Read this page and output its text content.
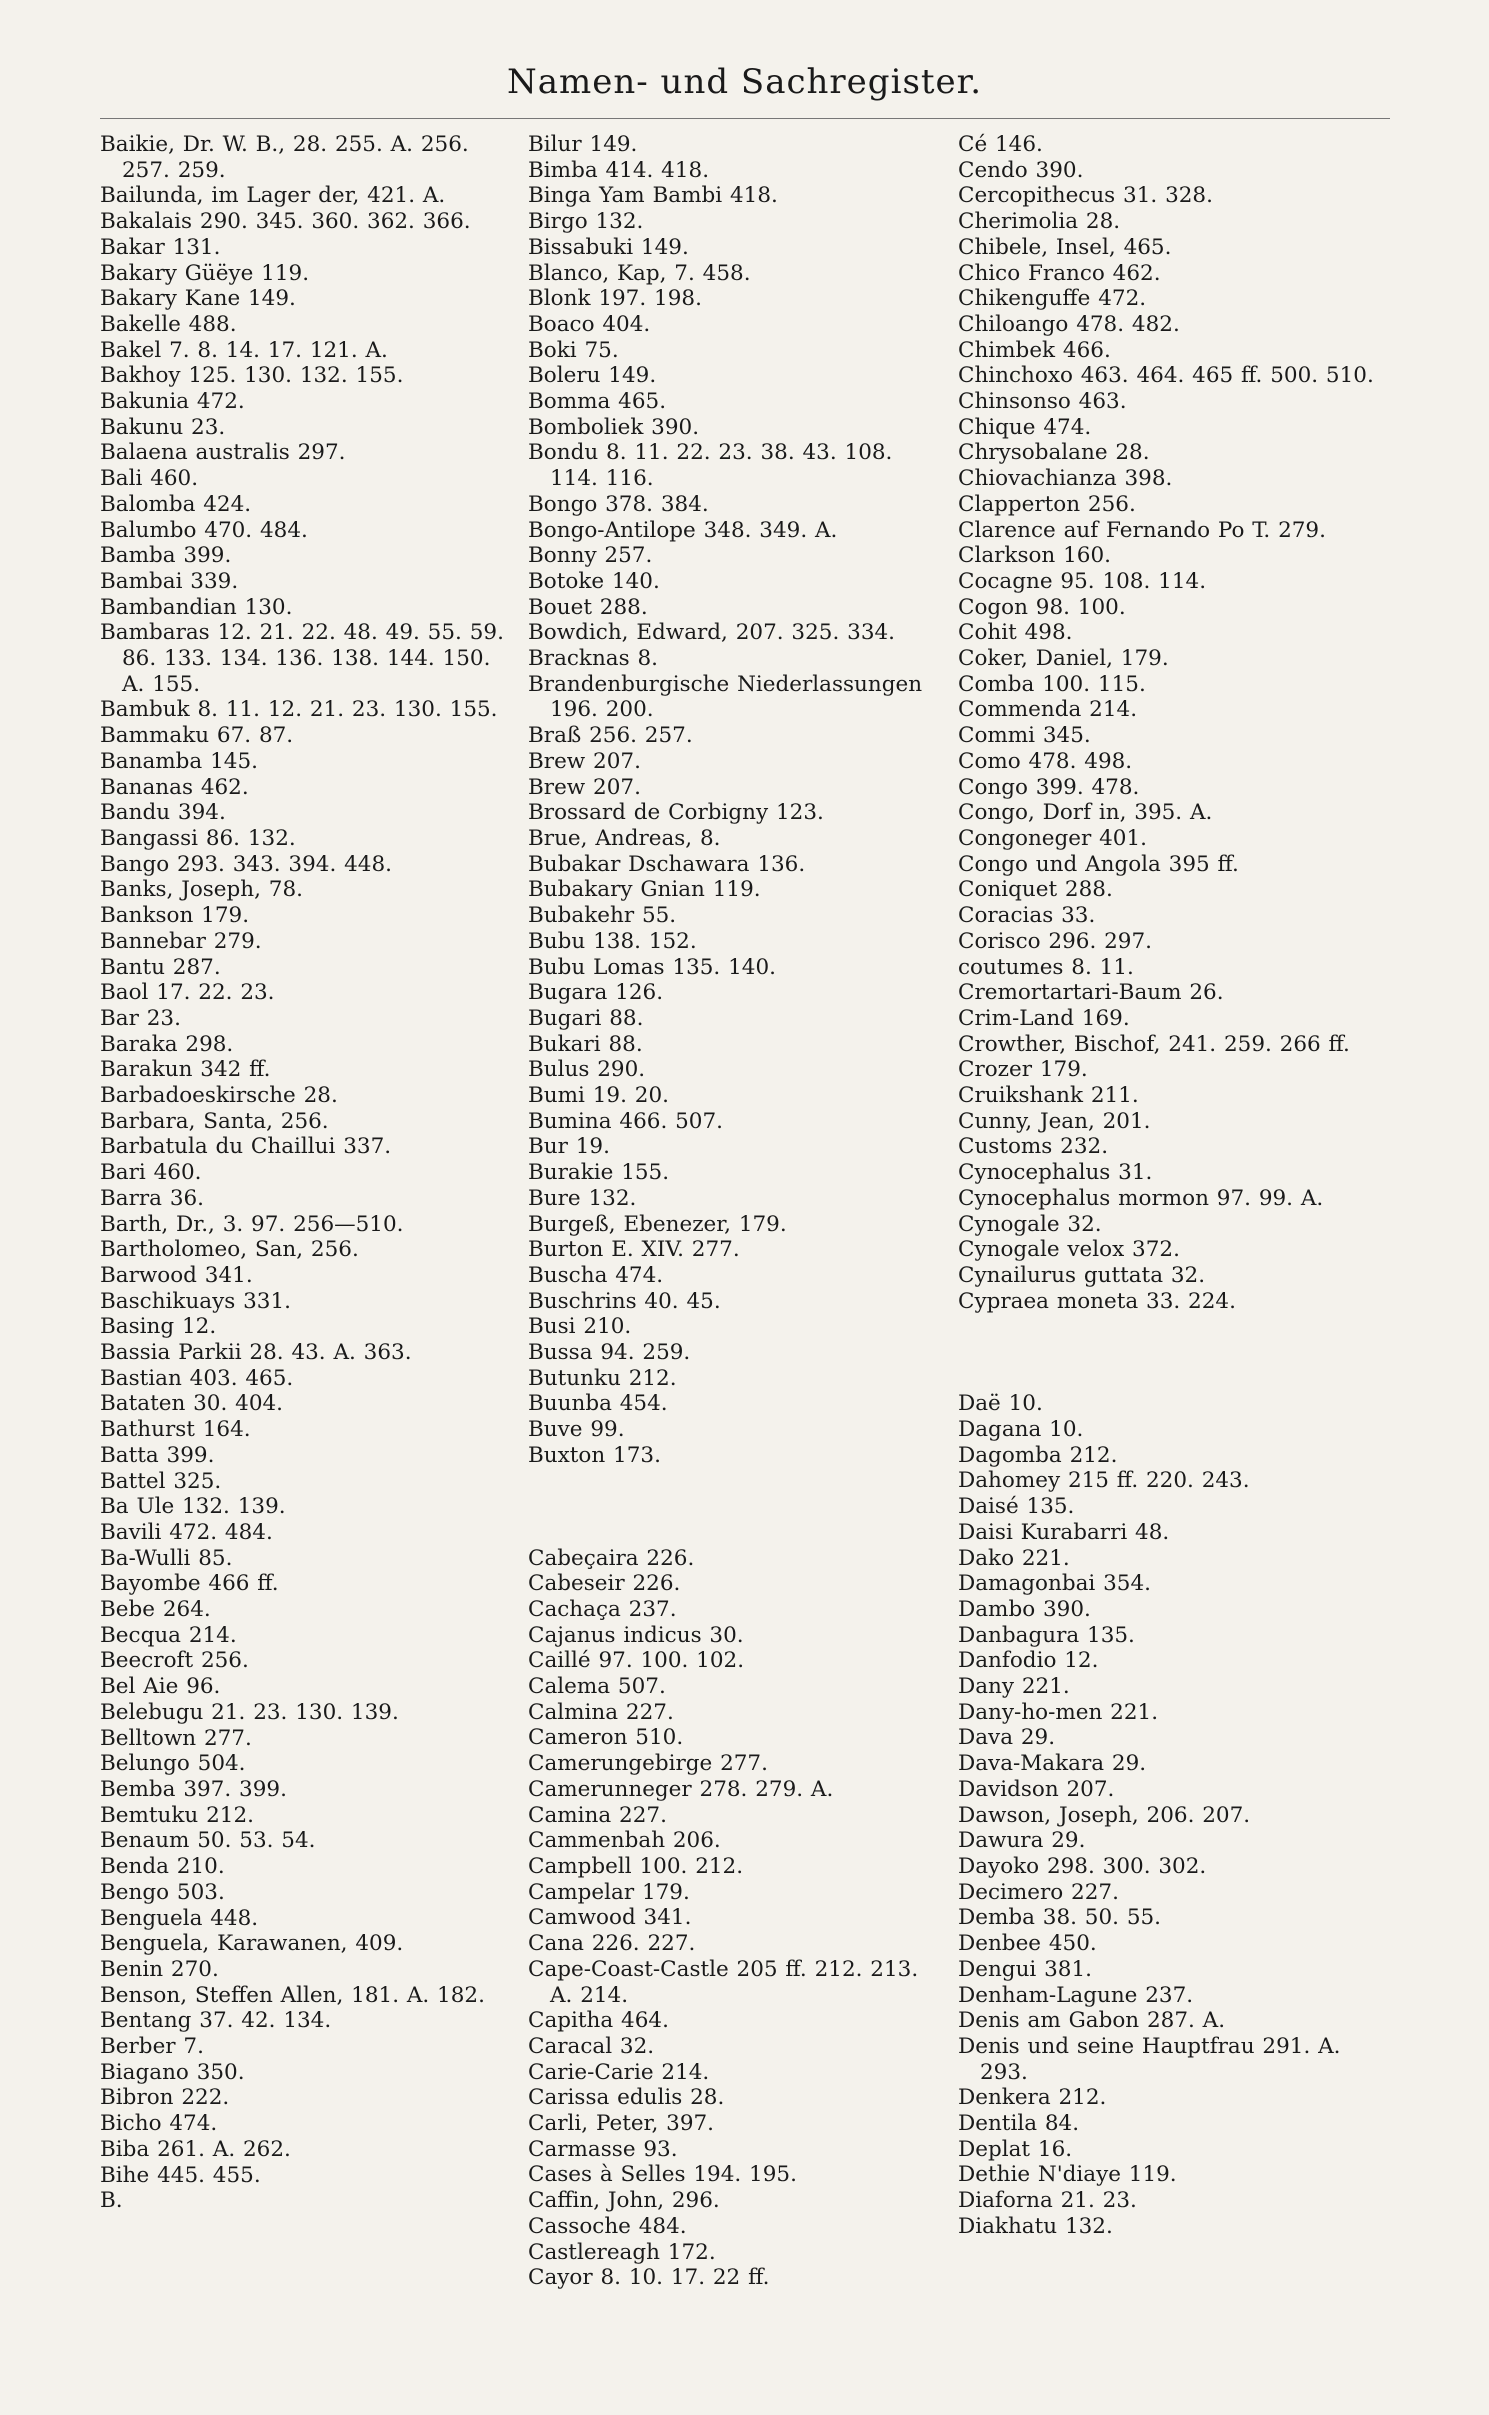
Namen- und Sachregister.

Baikie, Dr. W. B., 28. 255. A. 256. 257. 259.

Bailunda, im Lager der, 421. A.

Bakalais 290. 345. 360. 362. 366.

Bakar 131.

Bakary Güëye 119.

Bakary Kane 149.

Bakelle 488.

Bakel 7. 8. 14. 17. 121. A.

Bakhoy 125. 130. 132. 155.

Bakunia 472.

Bakunu 23.

Balaena australis 297.

Bali 460.

Balomba 424.

Balumbo 470. 484.

Bamba 399.

Bambai 339.

Bambandian 130.

Bambaras 12. 21. 22. 48. 49. 55. 59. 86. 133. 134. 136. 138. 144. 150. A. 155.

Bambuk 8. 11. 12. 21. 23. 130. 155.

Bammaku 67. 87.

Banamba 145.

Bananas 462.

Bandu 394.

Bangassi 86. 132.

Bango 293. 343. 394. 448.

Banks, Joseph, 78.

Bankson 179.

Bannebar 279.

Bantu 287.

Baol 17. 22. 23.

Bar 23.

Baraka 298.

Barakun 342 ff.

Barbadoeskirsche 28.

Barbara, Santa, 256.

Barbatula du Chaillui 337.

Bari 460.

Barra 36.

Barth, Dr., 3. 97. 256—510.

Bartholomeo, San, 256.

Barwood 341.

Baschikuays 331.

Basing 12.

Bassia Parkii 28. 43. A. 363.

Bastian 403. 465.

Bataten 30. 404.

Bathurst 164.

Batta 399.

Battel 325.

Ba Ule 132. 139.

Bavili 472. 484.

Ba-Wulli 85.

Bayombe 466 ff.

Bebe 264.

Becqua 214.

Beecroft 256.

Bel Aie 96.

Belebugu 21. 23. 130. 139.

Belltown 277.

Belungo 504.

Bemba 397. 399.

Bemtuku 212.

Benaum 50. 53. 54.

Benda 210.

Bengo 503.

Benguela 448.

Benguela, Karawanen, 409.

Benin 270.

Benson, Steffen Allen, 181. A. 182.

Bentang 37. 42. 134.

Berber 7.

Biagano 350.

Bibron 222.

Bicho 474.

Biba 261. A. 262.

Bihe 445. 455.

B.

Bilur 149.

Bimba 414. 418.

Binga Yam Bambi 418.

Birgo 132.

Bissabuki 149.

Blanco, Kap, 7. 458.

Blonk 197. 198.

Boaco 404.

Boki 75.

Boleru 149.

Bomma 465.

Bomboliek 390.

Bondu 8. 11. 22. 23. 38. 43. 108. 114. 116.

Bongo 378. 384.

Bongo-Antilope 348. 349. A.

Bonny 257.

Botoke 140.

Bouet 288.

Bowdich, Edward, 207. 325. 334.

Bracknas 8.

Brandenburgische Niederlassungen 196. 200.

Braß 256. 257.

Brew 207.

Brew 207.

Brossard de Corbigny 123.

Brue, Andreas, 8.

Bubakar Dschawara 136.

Bubakary Gnian 119.

Bubakehr 55.

Bubu 138. 152.

Bubu Lomas 135. 140.

Bugara 126.

Bugari 88.

Bukari 88.

Bulus 290.

Bumi 19. 20.

Bumina 466. 507.

Bur 19.

Burakie 155.

Bure 132.

Burgeß, Ebenezer, 179.

Burton E. XIV. 277.

Buscha 474.

Buschrins 40. 45.

Busi 210.

Bussa 94. 259.

Butunku 212.

Buunba 454.

Buve 99.

Buxton 173.

Cabeçaira 226.

Cabeseir 226.

Cachaça 237.

Cajanus indicus 30.

Caillé 97. 100. 102.

Calema 507.

Calmina 227.

Cameron 510.

Camerungebirge 277.

Camerunneger 278. 279. A.

Camina 227.

Cammenbah 206.

Campbell 100. 212.

Campelar 179.

Camwood 341.

Cana 226. 227.

Cape-Coast-Castle 205 ff. 212. 213. A. 214.

Capitha 464.

Caracal 32.

Carie-Carie 214.

Carissa edulis 28.

Carli, Peter, 397.

Carmasse 93.

Cases à Selles 194. 195.

Caffin, John, 296.

Cassoche 484.

Castlereagh 172.

Cayor 8. 10. 17. 22 ff.

Cé 146.

Cendo 390.

Cercopithecus 31. 328.

Cherimolia 28.

Chibele, Insel, 465.

Chico Franco 462.

Chikenguffe 472.

Chiloango 478. 482.

Chimbek 466.

Chinchoxo 463. 464. 465 ff. 500. 510.

Chinsonso 463.

Chique 474.

Chrysobalane 28.

Chiovachianza 398.

Clapperton 256.

Clarence auf Fernando Po T. 279.

Clarkson 160.

Cocagne 95. 108. 114.

Cogon 98. 100.

Cohit 498.

Coker, Daniel, 179.

Comba 100. 115.

Commenda 214.

Commi 345.

Como 478. 498.

Congo 399. 478.

Congo, Dorf in, 395. A.

Congoneger 401.

Congo und Angola 395 ff.

Coniquet 288.

Coracias 33.

Corisco 296. 297.

coutumes 8. 11.

Cremortartari-Baum 26.

Crim-Land 169.

Crowther, Bischof, 241. 259. 266 ff.

Crozer 179.

Cruikshank 211.

Cunny, Jean, 201.

Customs 232.

Cynocephalus 31.

Cynocephalus mormon 97. 99. A.

Cynogale 32.

Cynogale velox 372.

Cynailurus guttata 32.

Cypraea moneta 33. 224.

Daë 10.

Dagana 10.

Dagomba 212.

Dahomey 215 ff. 220. 243.

Daisé 135.

Daisi Kurabarri 48.

Dako 221.

Damagonbai 354.

Dambo 390.

Danbagura 135.

Danfodio 12.

Dany 221.

Dany-ho-men 221.

Dava 29.

Dava-Makara 29.

Davidson 207.

Dawson, Joseph, 206. 207.

Dawura 29.

Dayoko 298. 300. 302.

Decimero 227.

Demba 38. 50. 55.

Denbee 450.

Dengui 381.

Denham-Lagune 237.

Denis am Gabon 287. A.

Denis und seine Hauptfrau 291. A. 293.

Denkera 212.

Dentila 84.

Deplat 16.

Dethie N'diaye 119.

Diaforna 21. 23.

Diakhatu 132.
